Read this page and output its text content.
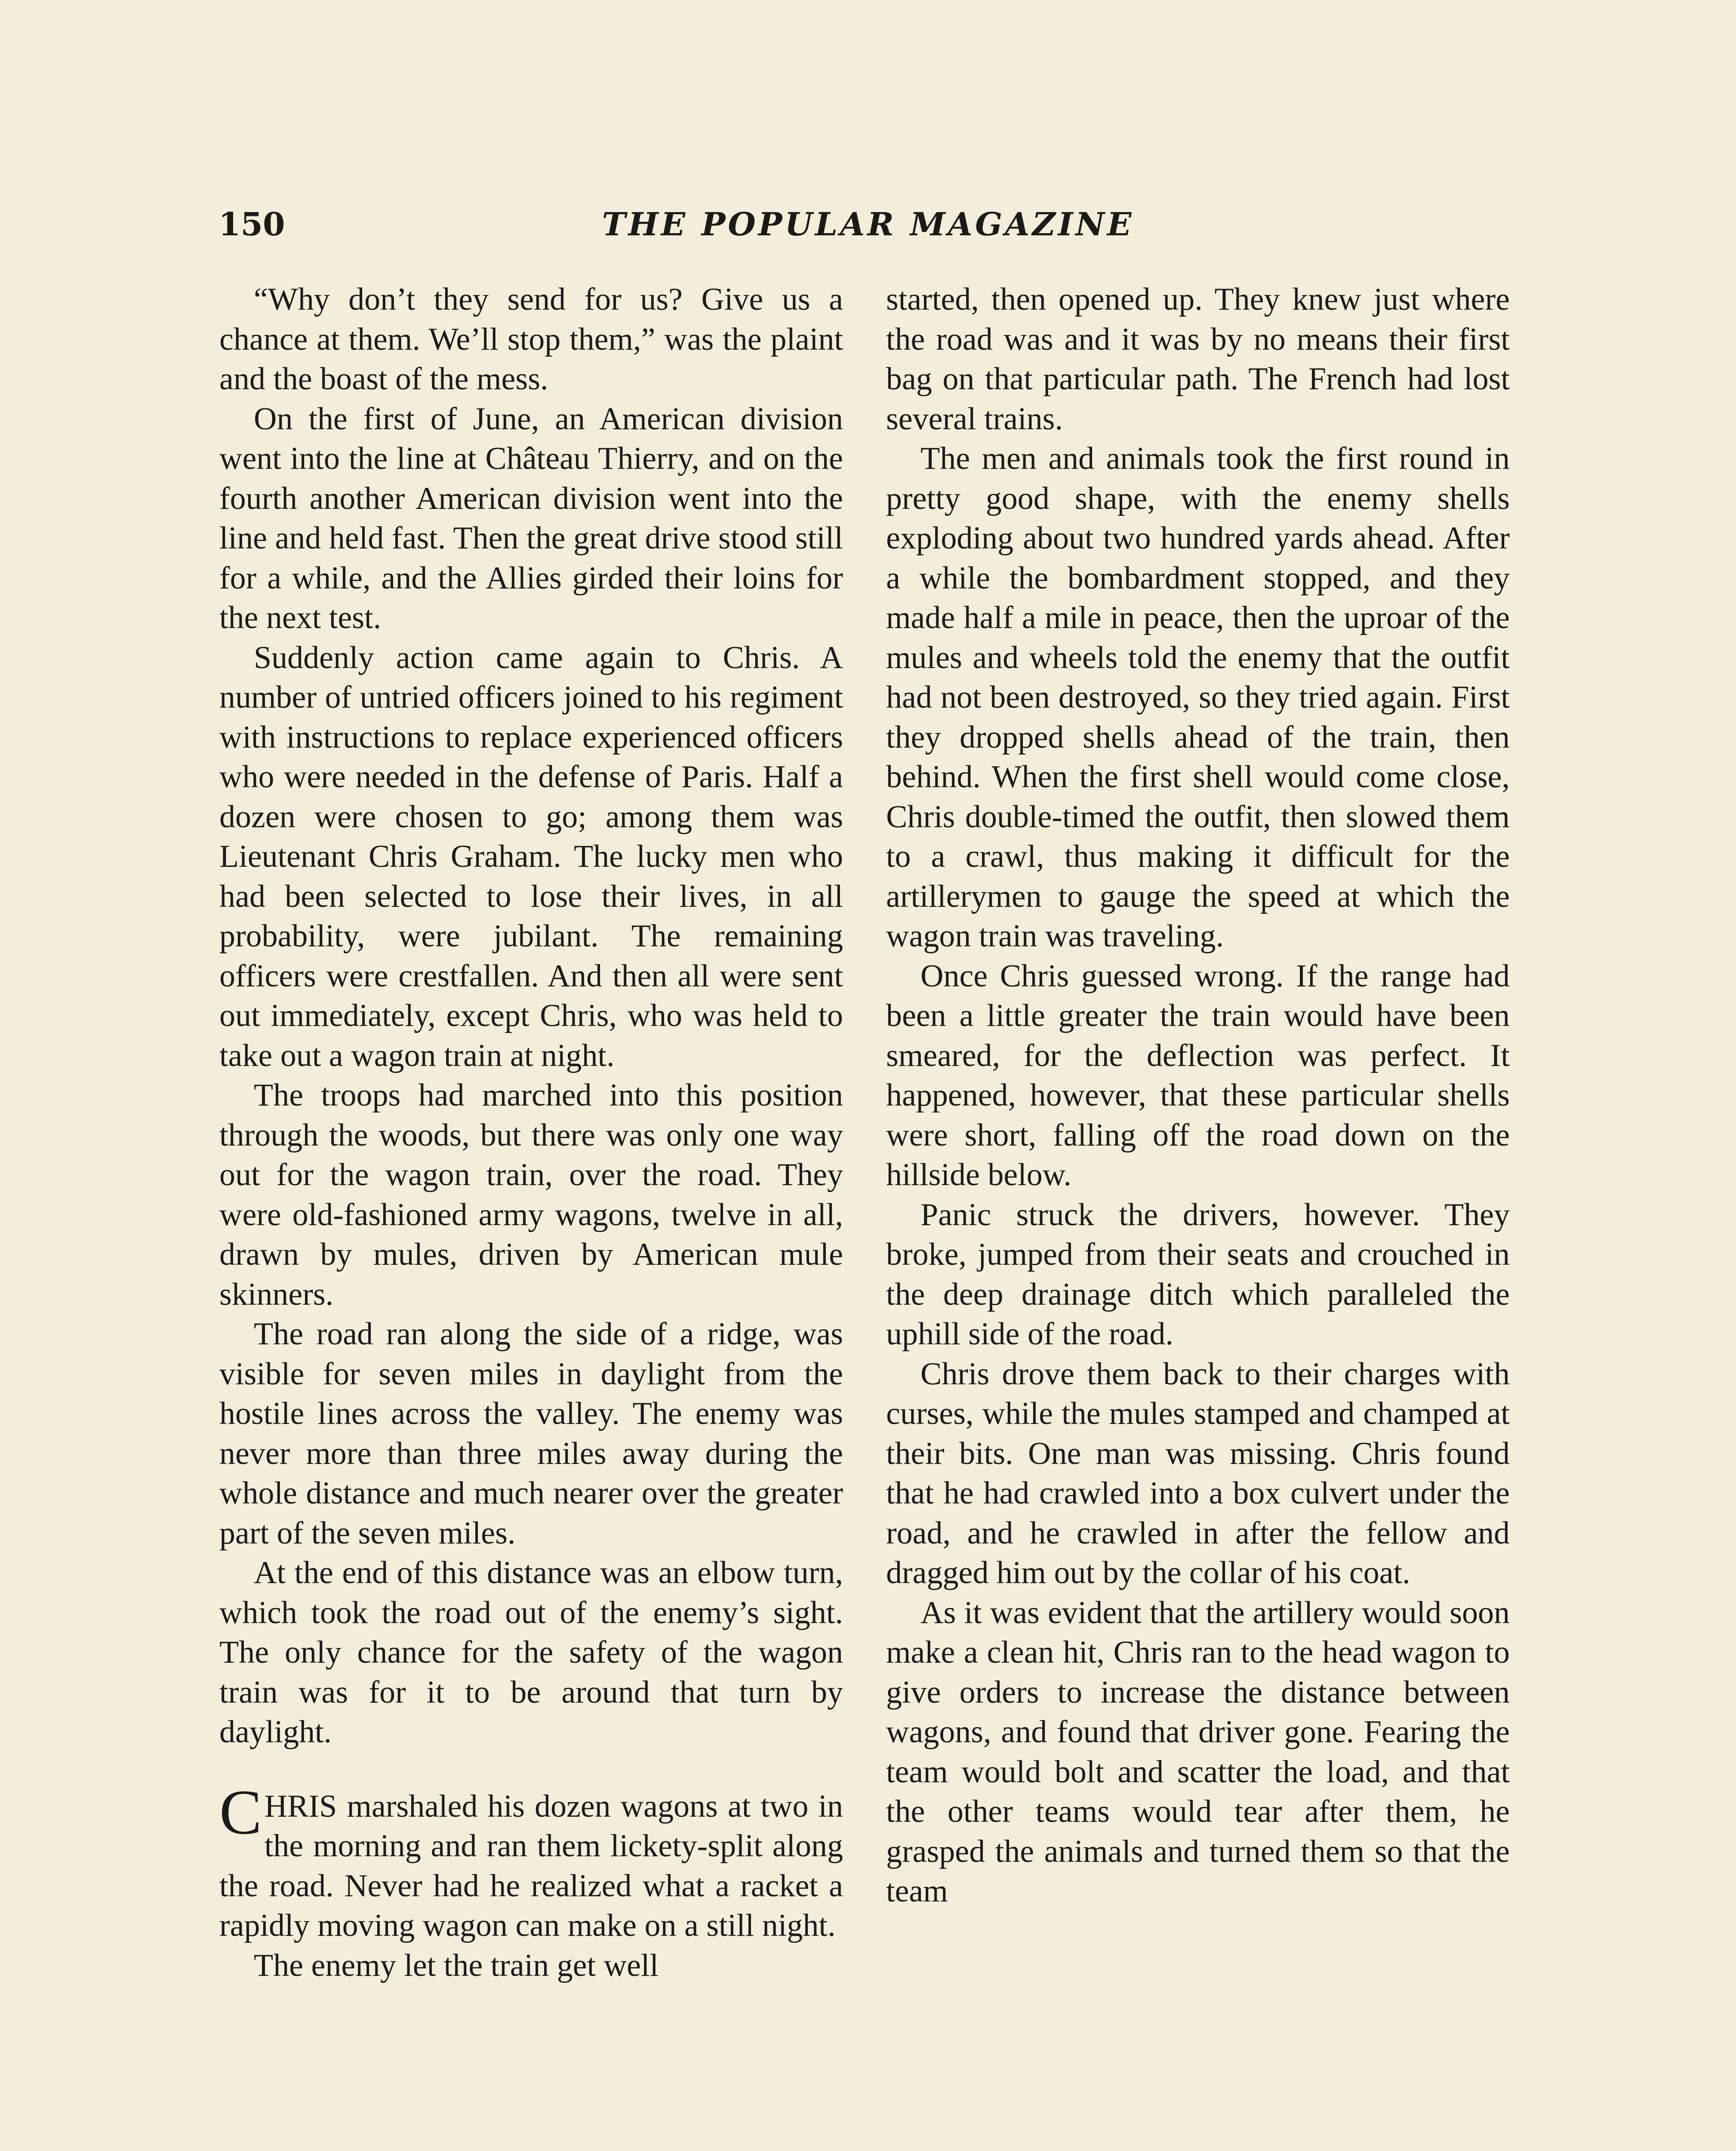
150	THE POPULAR MAGAZINE

“Why don’t they send for us? Give us a chance at them. We’ll stop them,” was the plaint and the boast of the mess.

On the first of June, an American division went into the line at Château Thierry, and on the fourth another American division went into the line and held fast. Then the great drive stood still for a while, and the Allies girded their loins for the next test.

Suddenly action came again to Chris. A number of untried officers joined to his regiment with instructions to replace experienced officers who were needed in the defense of Paris. Half a dozen were chosen to go; among them was Lieutenant Chris Graham. The lucky men who had been selected to lose their lives, in all probability, were jubilant. The remaining officers were crestfallen. And then all were sent out immediately, except Chris, who was held to take out a wagon train at night.

The troops had marched into this position through the woods, but there was only one way out for the wagon train, over the road. They were old-fashioned army wagons, twelve in all, drawn by mules, driven by American mule skinners.

The road ran along the side of a ridge, was visible for seven miles in daylight from the hostile lines across the valley. The enemy was never more than three miles away during the whole distance and much nearer over the greater part of the seven miles.

At the end of this distance was an elbow turn, which took the road out of the enemy’s sight. The only chance for the safety of the wagon train was for it to be around that turn by daylight.

CHRIS marshaled his dozen wagons at two in the morning and ran them lickety-split along the road. Never had he realized what a racket a rapidly moving wagon can make on a still night.

The enemy let the train get well

started, then opened up. They knew just where the road was and it was by no means their first bag on that particular path. The French had lost several trains.

The men and animals took the first round in pretty good shape, with the enemy shells exploding about two hundred yards ahead. After a while the bombardment stopped, and they made half a mile in peace, then the uproar of the mules and wheels told the enemy that the outfit had not been destroyed, so they tried again. First they dropped shells ahead of the train, then behind. When the first shell would come close, Chris double-timed the outfit, then slowed them to a crawl, thus making it difficult for the artillerymen to gauge the speed at which the wagon train was traveling.

Once Chris guessed wrong. If the range had been a little greater the train would have been smeared, for the deflection was perfect. It happened, however, that these particular shells were short, falling off the road down on the hillside below.

Panic struck the drivers, however. They broke, jumped from their seats and crouched in the deep drainage ditch which paralleled the uphill side of the road.

Chris drove them back to their charges with curses, while the mules stamped and champed at their bits. One man was missing. Chris found that he had crawled into a box culvert under the road, and he crawled in after the fellow and dragged him out by the collar of his coat.

As it was evident that the artillery would soon make a clean hit, Chris ran to the head wagon to give orders to increase the distance between wagons, and found that driver gone. Fearing the team would bolt and scatter the load, and that the other teams would tear after them, he grasped the animals and turned them so that the team
